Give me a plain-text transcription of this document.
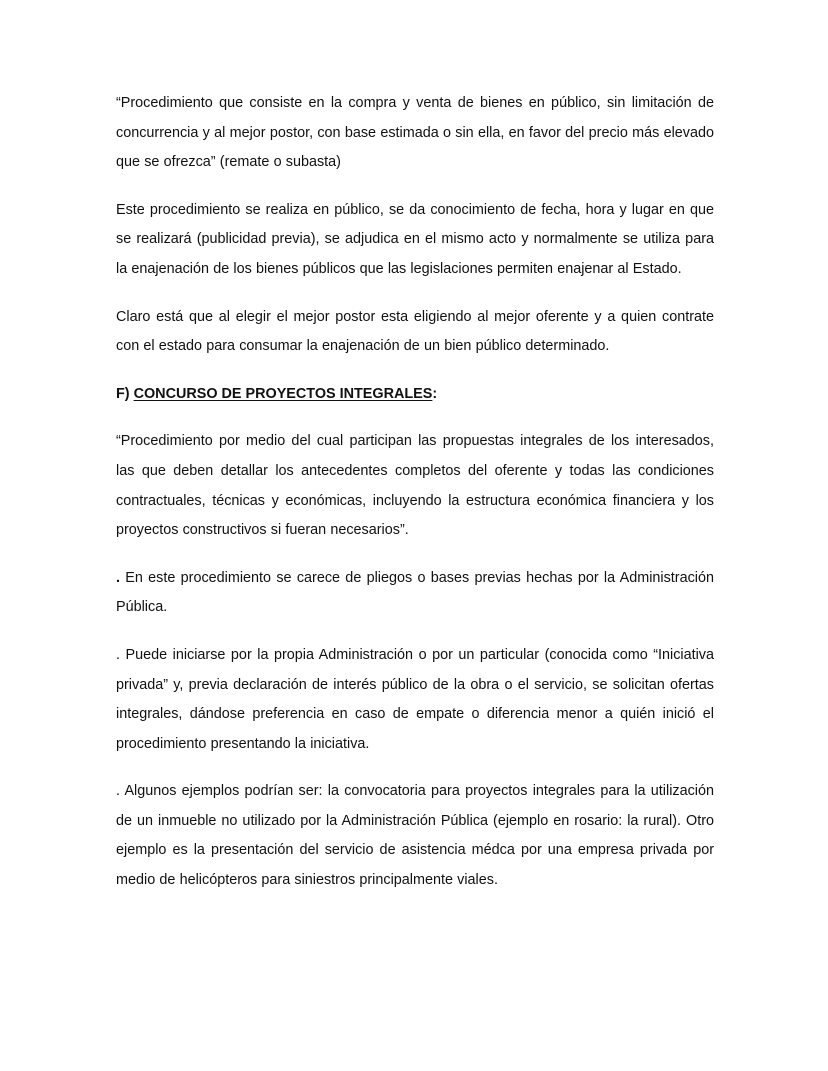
“Procedimiento que consiste en la compra y venta de bienes en público, sin limitación de concurrencia y al mejor postor, con base estimada o sin ella, en favor del precio más elevado que se ofrezca” (remate o subasta)

Este procedimiento se realiza en público, se da conocimiento de fecha, hora y lugar en que se realizará (publicidad previa), se adjudica en el mismo acto y normalmente se utiliza para la enajenación de los bienes públicos que las legislaciones permiten enajenar al Estado.

Claro está que al elegir el mejor postor esta eligiendo al mejor oferente y a quien contrate con el estado para consumar la enajenación de un bien público determinado.

F) CONCURSO DE PROYECTOS INTEGRALES:

“Procedimiento por medio del cual participan las propuestas integrales de los interesados, las que deben detallar los antecedentes completos del oferente y todas las condiciones contractuales, técnicas y económicas, incluyendo la estructura económica financiera y los proyectos constructivos si fueran necesarios”.

. En este procedimiento se carece de pliegos o bases previas hechas por la Administración Pública.

. Puede iniciarse por la propia Administración o por un particular (conocida como “Iniciativa privada” y, previa declaración de interés público de la obra o el servicio, se solicitan ofertas integrales, dándose preferencia en caso de empate o diferencia menor a quién inició el procedimiento presentando la iniciativa.

. Algunos ejemplos podrían ser: la convocatoria para proyectos integrales para la utilización de un inmueble no utilizado por la Administración Pública (ejemplo en rosario: la rural). Otro ejemplo es la presentación del servicio de asistencia médca por una empresa privada por medio de helicópteros para siniestros principalmente viales.
